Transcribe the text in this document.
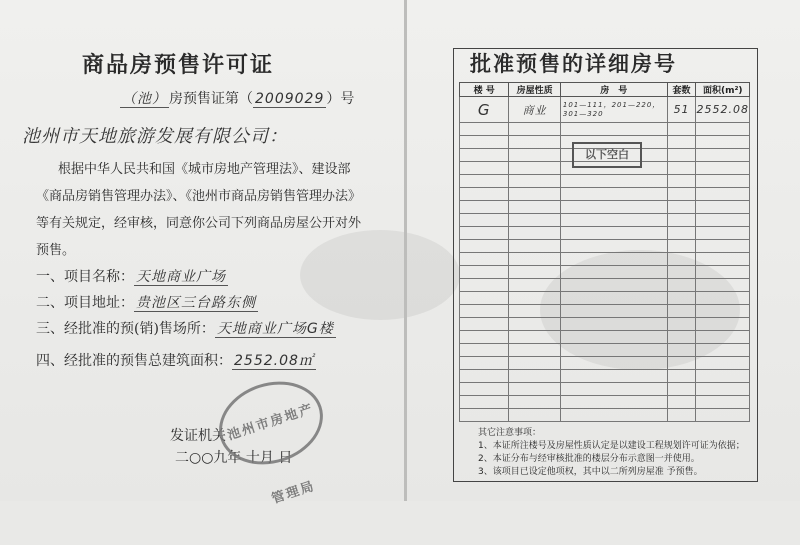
商品房预售许可证
（池） 房预售证第（ 2009029 ）号
池州市天地旅游发展有限公司：
根据中华人民共和国《城市房地产管理法》、建设部
《商品房销售管理办法》、《池州市商品房销售管理办法》
等有关规定，经审核，同意你公司下列商品房屋公开对外
预售。
一、项目名称： 天地商业广场
二、项目地址： 贵池区三台路东侧
三、经批准的预(销)售场所： 天地商业广场G楼
四、经批准的预售总建筑面积： 2552.08㎡
发证机关
二○○九年 十月 日
池州市房地产管理局
批准预售的详细房号
楼 号	房屋性质	房　号	套数	面积(m²)
G	商业	101—111，201—220，301—320	51	2552.08

以下空白
其它注意事项：
1、本证所注楼号及房屋性质认定是以建设工程规划许可证为依据；
2、本证分布与经审核批准的楼层分布示意图一并使用。
3、该项目已设定他项权，其中以二所列房屋准 予预售。
